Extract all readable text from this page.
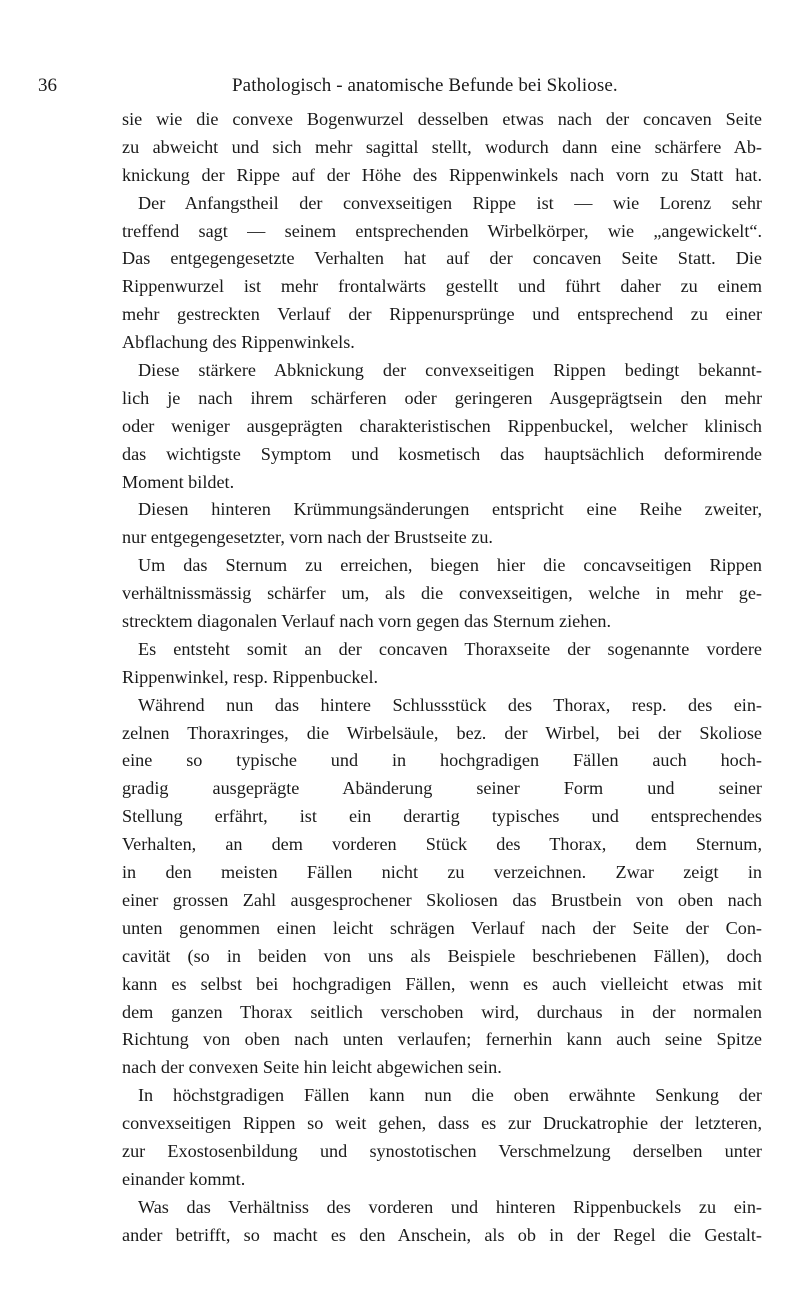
36	Pathologisch - anatomische Befunde bei Skoliose.
sie wie die convexe Bogenwurzel desselben etwas nach der concaven Seite
zu abweicht und sich mehr sagittal stellt, wodurch dann eine schärfere Ab-
knickung der Rippe auf der Höhe des Rippenwinkels nach vorn zu Statt hat.
Der Anfangstheil der convexseitigen Rippe ist — wie Lorenz sehr
treffend sagt — seinem entsprechenden Wirbelkörper, wie „angewickelt“.
Das entgegengesetzte Verhalten hat auf der concaven Seite Statt. Die
Rippenwurzel ist mehr frontalwärts gestellt und führt daher zu einem
mehr gestreckten Verlauf der Rippenursprünge und entsprechend zu einer
Abflachung des Rippenwinkels.
Diese stärkere Abknickung der convexseitigen Rippen bedingt bekannt-
lich je nach ihrem schärferen oder geringeren Ausgeprägtsein den mehr
oder weniger ausgeprägten charakteristischen Rippenbuckel, welcher klinisch
das wichtigste Symptom und kosmetisch das hauptsächlich deformirende
Moment bildet.
Diesen hinteren Krümmungsänderungen entspricht eine Reihe zweiter,
nur entgegengesetzter, vorn nach der Brustseite zu.
Um das Sternum zu erreichen, biegen hier die concavseitigen Rippen
verhältnissmässig schärfer um, als die convexseitigen, welche in mehr ge-
strecktem diagonalen Verlauf nach vorn gegen das Sternum ziehen.
Es entsteht somit an der concaven Thoraxseite der sogenannte vordere
Rippenwinkel, resp. Rippenbuckel.
Während nun das hintere Schlussstück des Thorax, resp. des ein-
zelnen Thoraxringes, die Wirbelsäule, bez. der Wirbel, bei der Skoliose
eine so typische und in hochgradigen Fällen auch hoch-
gradig ausgeprägte Abänderung seiner Form und seiner
Stellung erfährt, ist ein derartig typisches und entsprechendes
Verhalten, an dem vorderen Stück des Thorax, dem Sternum,
in den meisten Fällen nicht zu verzeichnen. Zwar zeigt in
einer grossen Zahl ausgesprochener Skoliosen das Brustbein von oben nach
unten genommen einen leicht schrägen Verlauf nach der Seite der Con-
cavität (so in beiden von uns als Beispiele beschriebenen Fällen), doch
kann es selbst bei hochgradigen Fällen, wenn es auch vielleicht etwas mit
dem ganzen Thorax seitlich verschoben wird, durchaus in der normalen
Richtung von oben nach unten verlaufen; fernerhin kann auch seine Spitze
nach der convexen Seite hin leicht abgewichen sein.
In höchstgradigen Fällen kann nun die oben erwähnte Senkung der
convexseitigen Rippen so weit gehen, dass es zur Druckatrophie der letzteren,
zur Exostosenbildung und synostotischen Verschmelzung derselben unter
einander kommt.
Was das Verhältniss des vorderen und hinteren Rippenbuckels zu ein-
ander betrifft, so macht es den Anschein, als ob in der Regel die Gestalt-
